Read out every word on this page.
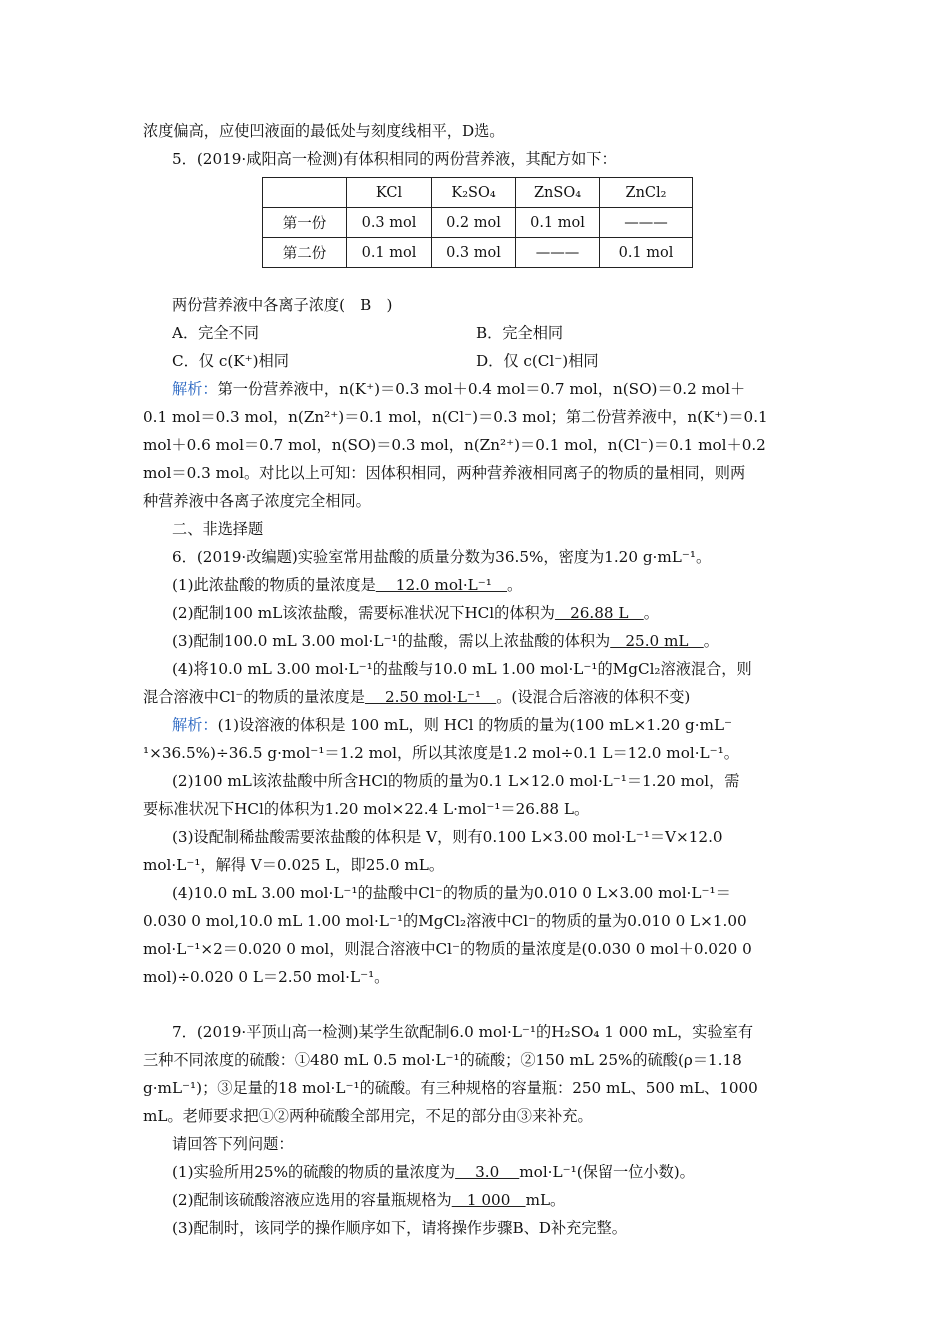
浓度偏高，应使凹液面的最低处与刻度线相平，D选。
5．(2019·咸阳高一检测)有体积相同的两份营养液，其配方如下：
	KCl	K₂SO₄	ZnSO₄	ZnCl₂
第一份	0.3 mol	0.2 mol	0.1 mol	———
第二份	0.1 mol	0.3 mol	———	0.1 mol
两份营养液中各离子浓度(　B　)
A．完全不同	B．完全相同
C．仅 c(K⁺)相同	D．仅 c(Cl⁻)相同
解析：第一份营养液中，n(K⁺)＝0.3 mol＋0.4 mol＝0.7 mol，n(SO)＝0.2 mol＋
0.1 mol＝0.3 mol，n(Zn²⁺)＝0.1 mol，n(Cl⁻)＝0.3 mol；第二份营养液中，n(K⁺)＝0.1
mol＋0.6 mol＝0.7 mol，n(SO)＝0.3 mol，n(Zn²⁺)＝0.1 mol，n(Cl⁻)＝0.1 mol＋0.2
mol＝0.3 mol。对比以上可知：因体积相同，两种营养液相同离子的物质的量相同，则两
种营养液中各离子浓度完全相同。
二、非选择题
6．(2019·改编题)实验室常用盐酸的质量分数为36.5%，密度为1.20 g·mL⁻¹。
(1)此浓盐酸的物质的量浓度是　 12.0 mol·L⁻¹　。
(2)配制100 mL该浓盐酸，需要标准状况下HCl的体积为　26.88 L　。
(3)配制100.0 mL 3.00 mol·L⁻¹的盐酸，需以上浓盐酸的体积为　25.0 mL　。
(4)将10.0 mL 3.00 mol·L⁻¹的盐酸与10.0 mL 1.00 mol·L⁻¹的MgCl₂溶液混合，则
混合溶液中Cl⁻的物质的量浓度是　 2.50 mol·L⁻¹　。(设混合后溶液的体积不变)
解析：(1)设溶液的体积是 100 mL，则 HCl 的物质的量为(100 mL×1.20 g·mL⁻
¹×36.5%)÷36.5 g·mol⁻¹＝1.2 mol，所以其浓度是1.2 mol÷0.1 L＝12.0 mol·L⁻¹。
(2)100 mL该浓盐酸中所含HCl的物质的量为0.1 L×12.0 mol·L⁻¹＝1.20 mol，需
要标准状况下HCl的体积为1.20 mol×22.4 L·mol⁻¹＝26.88 L。
(3)设配制稀盐酸需要浓盐酸的体积是 V，则有0.100 L×3.00 mol·L⁻¹＝V×12.0
mol·L⁻¹，解得 V＝0.025 L，即25.0 mL。
(4)10.0 mL 3.00 mol·L⁻¹的盐酸中Cl⁻的物质的量为0.010 0 L×3.00 mol·L⁻¹＝
0.030 0 mol,10.0 mL 1.00 mol·L⁻¹的MgCl₂溶液中Cl⁻的物质的量为0.010 0 L×1.00
mol·L⁻¹×2＝0.020 0 mol，则混合溶液中Cl⁻的物质的量浓度是(0.030 0 mol＋0.020 0
mol)÷0.020 0 L＝2.50 mol·L⁻¹。
7．(2019·平顶山高一检测)某学生欲配制6.0 mol·L⁻¹的H₂SO₄ 1 000 mL，实验室有
三种不同浓度的硫酸：①480 mL 0.5 mol·L⁻¹的硫酸；②150 mL 25%的硫酸(ρ＝1.18
g·mL⁻¹)；③足量的18 mol·L⁻¹的硫酸。有三种规格的容量瓶：250 mL、500 mL、1000
mL。老师要求把①②两种硫酸全部用完，不足的部分由③来补充。
请回答下列问题：
(1)实验所用25%的硫酸的物质的量浓度为　 3.0　 mol·L⁻¹(保留一位小数)。
(2)配制该硫酸溶液应选用的容量瓶规格为　1 000　mL。
(3)配制时，该同学的操作顺序如下，请将操作步骤B、D补充完整。
